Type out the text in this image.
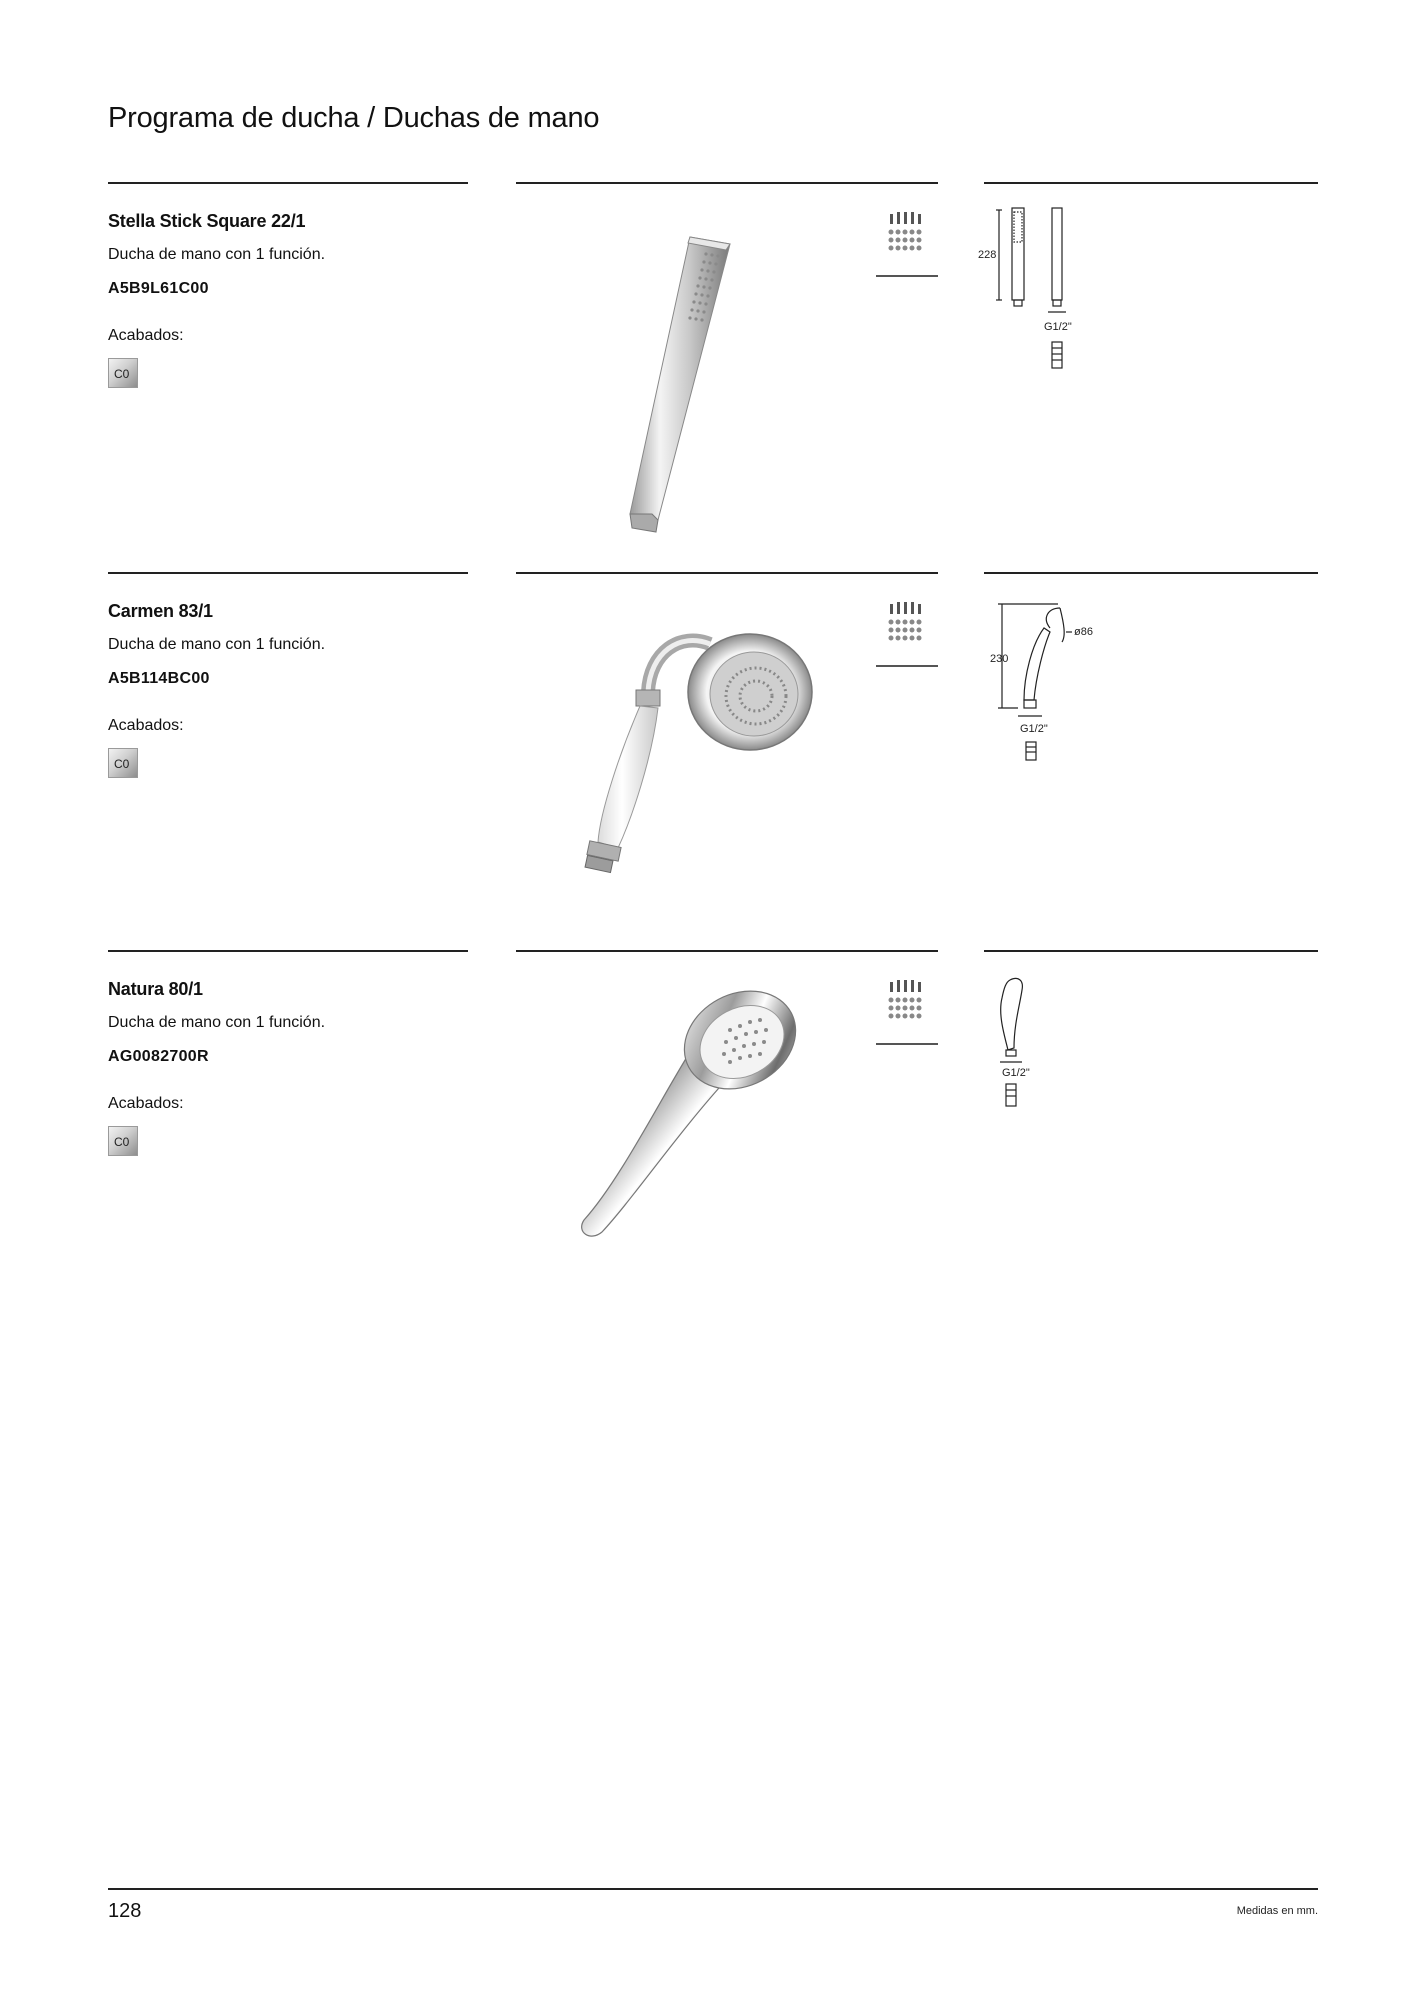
Programa de ducha / Duchas de mano
Stella Stick Square 22/1
Ducha de mano con 1 función.
A5B9L61C00
Acabados:
C0
228
G1/2"
Carmen 83/1
Ducha de mano con 1 función.
A5B114BC00
Acabados:
C0
230
ø86
G1/2"
Natura 80/1
Ducha de mano con 1 función.
AG0082700R
Acabados:
C0
G1/2"
128	Medidas en mm.
